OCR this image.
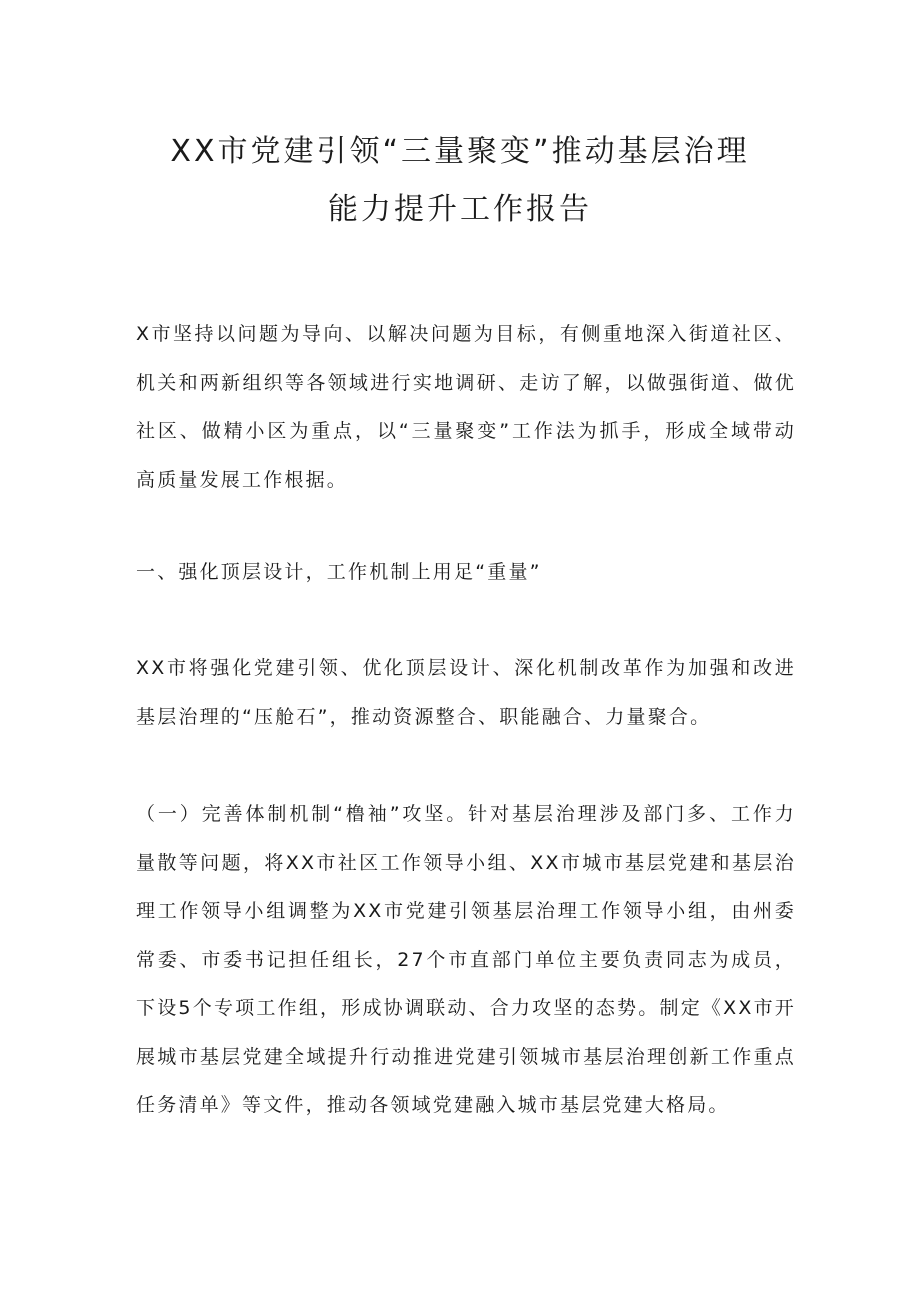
XX市党建引领“三量聚变”推动基层治理
能力提升工作报告

X市坚持以问题为导向、以解决问题为目标，有侧重地深入街道社区、机关和两新组织等各领域进行实地调研、走访了解，以做强街道、做优社区、做精小区为重点，以“三量聚变”工作法为抓手，形成全域带动高质量发展工作根据。

一、强化顶层设计，工作机制上用足“重量”

XX市将强化党建引领、优化顶层设计、深化机制改革作为加强和改进基层治理的“压舱石”，推动资源整合、职能融合、力量聚合。

（一）完善体制机制“橹袖”攻坚。针对基层治理涉及部门多、工作力量散等问题，将XX市社区工作领导小组、XX市城市基层党建和基层治理工作领导小组调整为XX市党建引领基层治理工作领导小组，由州委常委、市委书记担任组长，27个市直部门单位主要负责同志为成员，下设5个专项工作组，形成协调联动、合力攻坚的态势。制定《XX市开展城市基层党建全域提升行动推进党建引领城市基层治理创新工作重点任务清单》等文件，推动各领域党建融入城市基层党建大格局。
